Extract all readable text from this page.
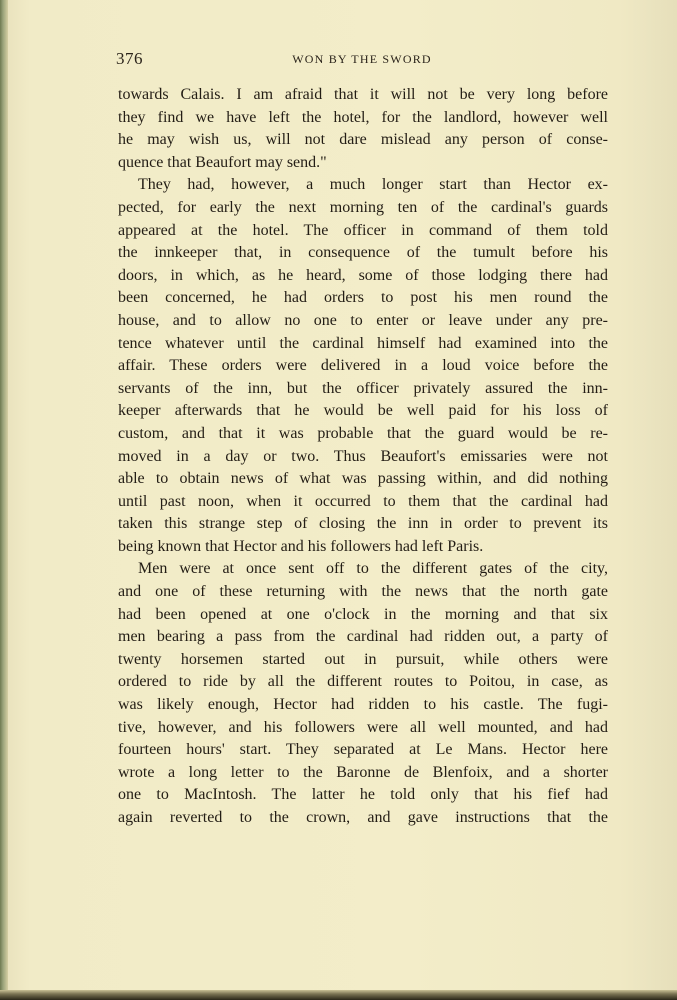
376	WON BY THE SWORD
towards Calais. I am afraid that it will not be very long before
they find we have left the hotel, for the landlord, however well
he may wish us, will not dare mislead any person of conse-
quence that Beaufort may send."
They had, however, a much longer start than Hector ex-
pected, for early the next morning ten of the cardinal's guards
appeared at the hotel. The officer in command of them told
the innkeeper that, in consequence of the tumult before his
doors, in which, as he heard, some of those lodging there had
been concerned, he had orders to post his men round the
house, and to allow no one to enter or leave under any pre-
tence whatever until the cardinal himself had examined into the
affair. These orders were delivered in a loud voice before the
servants of the inn, but the officer privately assured the inn-
keeper afterwards that he would be well paid for his loss of
custom, and that it was probable that the guard would be re-
moved in a day or two. Thus Beaufort's emissaries were not
able to obtain news of what was passing within, and did nothing
until past noon, when it occurred to them that the cardinal had
taken this strange step of closing the inn in order to prevent its
being known that Hector and his followers had left Paris.
Men were at once sent off to the different gates of the city,
and one of these returning with the news that the north gate
had been opened at one o'clock in the morning and that six
men bearing a pass from the cardinal had ridden out, a party of
twenty horsemen started out in pursuit, while others were
ordered to ride by all the different routes to Poitou, in case, as
was likely enough, Hector had ridden to his castle. The fugi-
tive, however, and his followers were all well mounted, and had
fourteen hours' start. They separated at Le Mans. Hector here
wrote a long letter to the Baronne de Blenfoix, and a shorter
one to MacIntosh. The latter he told only that his fief had
again reverted to the crown, and gave instructions that the
